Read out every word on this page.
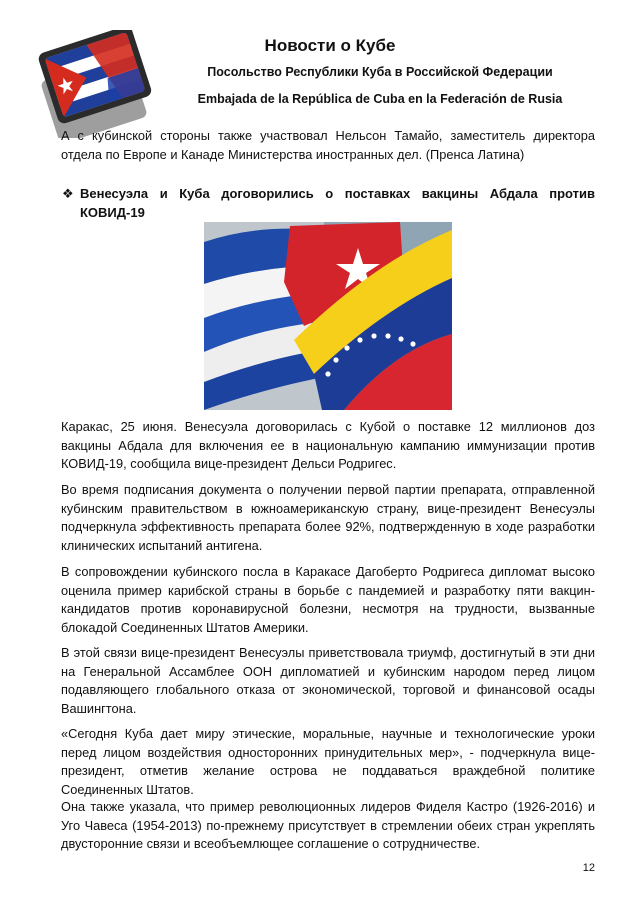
Новости о Кубе

Посольство Республики Куба в Российской Федерации

Embajada de la República de Cuba en la Federación de Rusia

А с кубинской стороны также участвовал Нельсон Тамайо, заместитель директора отдела по Европе и Канаде Министерства иностранных дел. (Пренса Латина)

❖ Венесуэла и Куба договорились о поставках вакцины Абдала против КОВИД-19

Каракас, 25 июня. Венесуэла договорилась с Кубой о поставке 12 миллионов доз вакцины Абдала для включения ее в национальную кампанию иммунизации против КОВИД-19, сообщила вице-президент Дельси Родригес.

Во время подписания документа о получении первой партии препарата, отправленной кубинским правительством в южноамериканскую страну, вице-президент Венесуэлы подчеркнула эффективность препарата более 92%, подтвержденную в ходе разработки клинических испытаний антигена.

В сопровождении кубинского посла в Каракасе Дагоберто Родригеса дипломат высоко оценила пример карибской страны в борьбе с пандемией и разработку пяти вакцин-кандидатов против коронавирусной болезни, несмотря на трудности, вызванные блокадой Соединенных Штатов Америки.

В этой связи вице-президент Венесуэлы приветствовала триумф, достигнутый в эти дни на Генеральной Ассамблее ООН дипломатией и кубинским народом перед лицом подавляющего глобального отказа от экономической, торговой и финансовой осады Вашингтона.

«Сегодня Куба дает миру этические, моральные, научные и технологические уроки перед лицом воздействия односторонних принудительных мер», - подчеркнула вице-президент, отметив желание острова не поддаваться враждебной политике Соединенных Штатов.

Она также указала, что пример революционных лидеров Фиделя Кастро (1926-2016) и Уго Чавеса (1954-2013) по-прежнему присутствует в стремлении обеих стран укреплять двусторонние связи и всеобъемлющее соглашение о сотрудничестве.

12
